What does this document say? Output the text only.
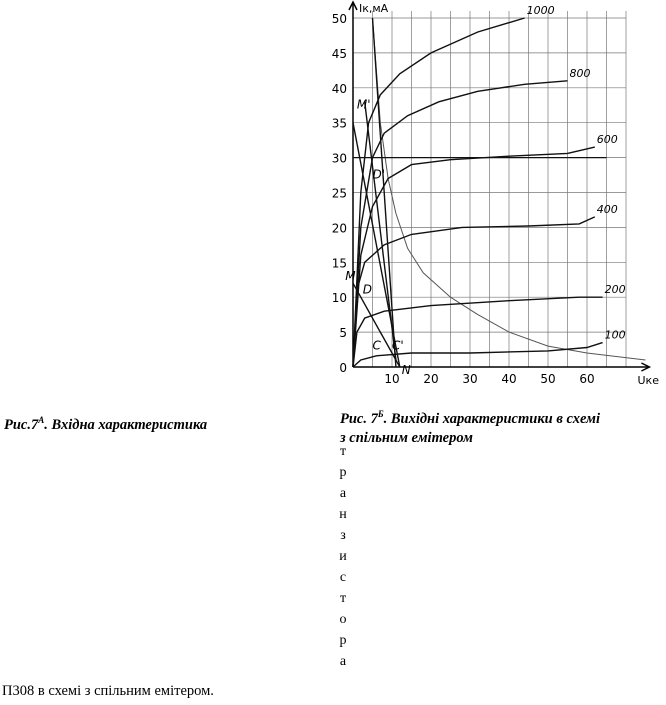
0
5
10
15
20
25
30
35
40
45
50
10 20 30 40 50 60
Iк,мА
Uке
1000
800
600
400
200
100
M
M'
D
D'
C C'
N
$Рис.7^А$. Вхідна характеристика	Рис. $7^Б$. Вихідні характеристики в схемі
з спільним емітером
т
р
а
н
з
и
с
т
о
р
а
П308 в схемі з спільним емітером.
